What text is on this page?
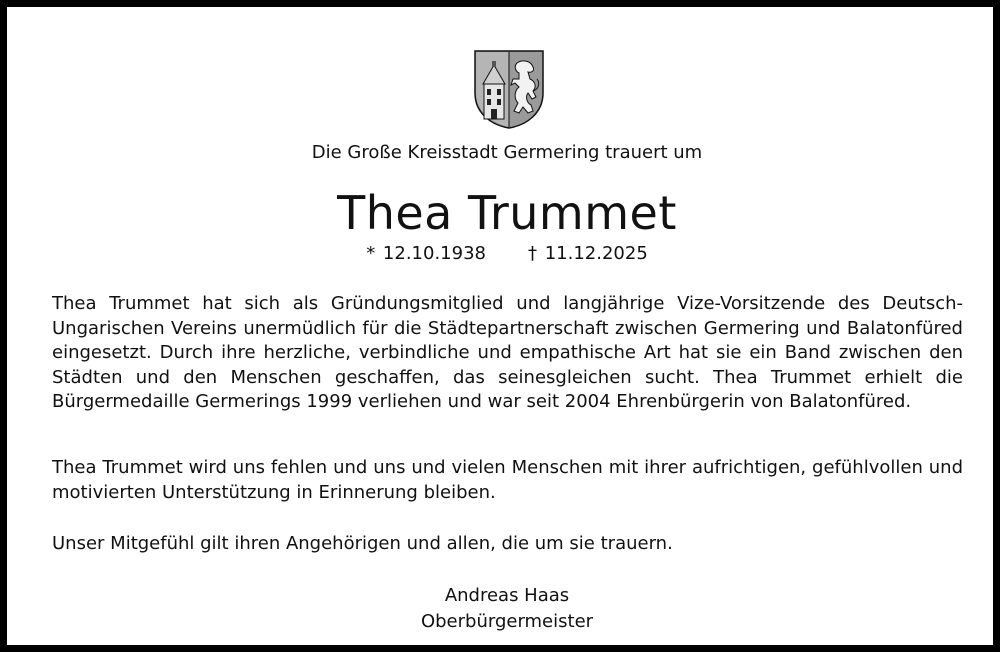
Die Große Kreisstadt Germering trauert um
Thea Trummet
* 12.10.1938 † 11.12.2025

Thea Trummet hat sich als Gründungsmitglied und langjährige Vize-Vorsitzende des Deutsch-Ungarischen Vereins unermüdlich für die Städtepartnerschaft zwischen Germering und Balatonfüred eingesetzt. Durch ihre herzliche, verbindliche und empathische Art hat sie ein Band zwischen den Städten und den Menschen geschaffen, das seinesgleichen sucht. Thea Trummet erhielt die Bürgermedaille Germerings 1999 verliehen und war seit 2004 Ehrenbürgerin von Balatonfüred.

Thea Trummet wird uns fehlen und uns und vielen Menschen mit ihrer aufrichtigen, gefühlvollen und motivierten Unterstützung in Erinnerung bleiben.

Unser Mitgefühl gilt ihren Angehörigen und allen, die um sie trauern.

Andreas Haas
Oberbürgermeister
